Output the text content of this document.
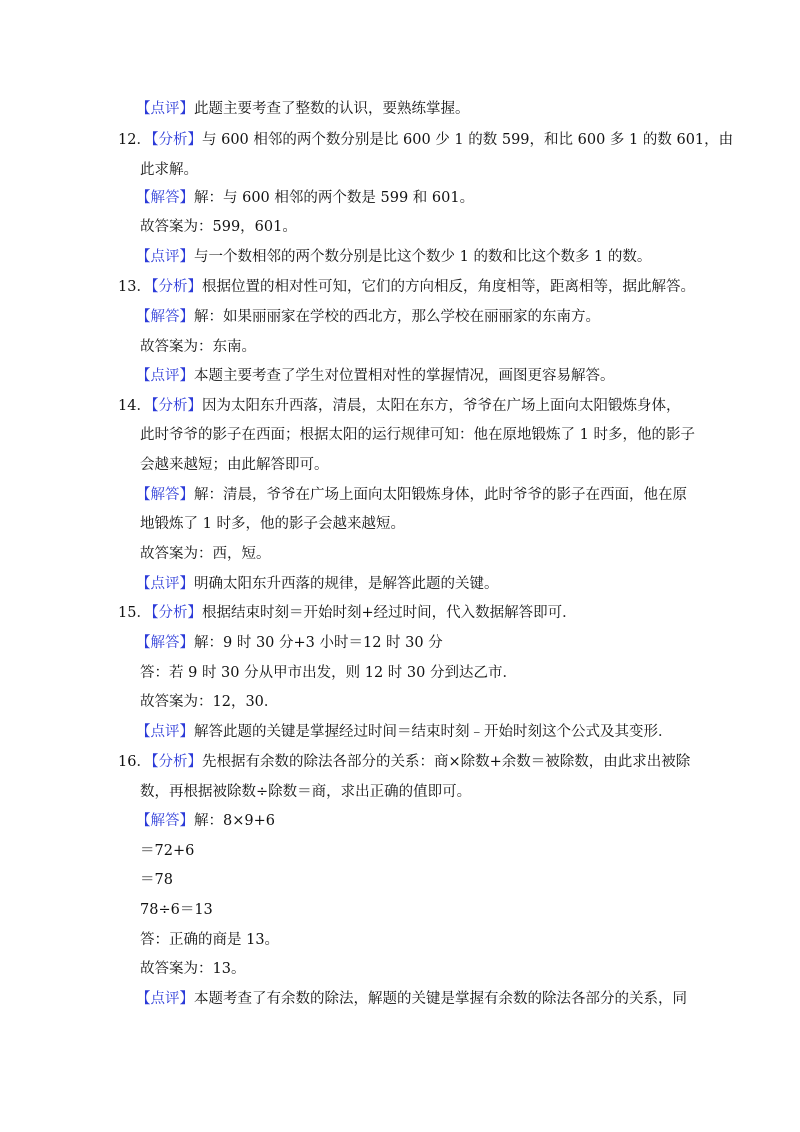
【点评】此题主要考查了整数的认识，要熟练掌握。
12．【分析】与 600 相邻的两个数分别是比 600 少 1 的数 599，和比 600 多 1 的数 601，由
此求解。
【解答】解：与 600 相邻的两个数是 599 和 601。
故答案为：599，601。
【点评】与一个数相邻的两个数分别是比这个数少 1 的数和比这个数多 1 的数。
13．【分析】根据位置的相对性可知，它们的方向相反，角度相等，距离相等，据此解答。
【解答】解：如果丽丽家在学校的西北方，那么学校在丽丽家的东南方。
故答案为：东南。
【点评】本题主要考查了学生对位置相对性的掌握情况，画图更容易解答。
14．【分析】因为太阳东升西落，清晨，太阳在东方，爷爷在广场上面向太阳锻炼身体，
此时爷爷的影子在西面；根据太阳的运行规律可知：他在原地锻炼了 1 时多，他的影子
会越来越短；由此解答即可。
【解答】解：清晨，爷爷在广场上面向太阳锻炼身体，此时爷爷的影子在西面，他在原
地锻炼了 1 时多，他的影子会越来越短。
故答案为：西，短。
【点评】明确太阳东升西落的规律，是解答此题的关键。
15．【分析】根据结束时刻＝开始时刻+经过时间，代入数据解答即可．
【解答】解：9 时 30 分+3 小时＝12 时 30 分
答：若 9 时 30 分从甲市出发，则 12 时 30 分到达乙市．
故答案为：12，30．
【点评】解答此题的关键是掌握经过时间＝结束时刻﹣开始时刻这个公式及其变形．
16．【分析】先根据有余数的除法各部分的关系：商×除数+余数＝被除数，由此求出被除
数，再根据被除数÷除数＝商，求出正确的值即可。
【解答】解：8×9+6
＝72+6
＝78
78÷6＝13
答：正确的商是 13。
故答案为：13。
【点评】本题考查了有余数的除法，解题的关键是掌握有余数的除法各部分的关系，同
